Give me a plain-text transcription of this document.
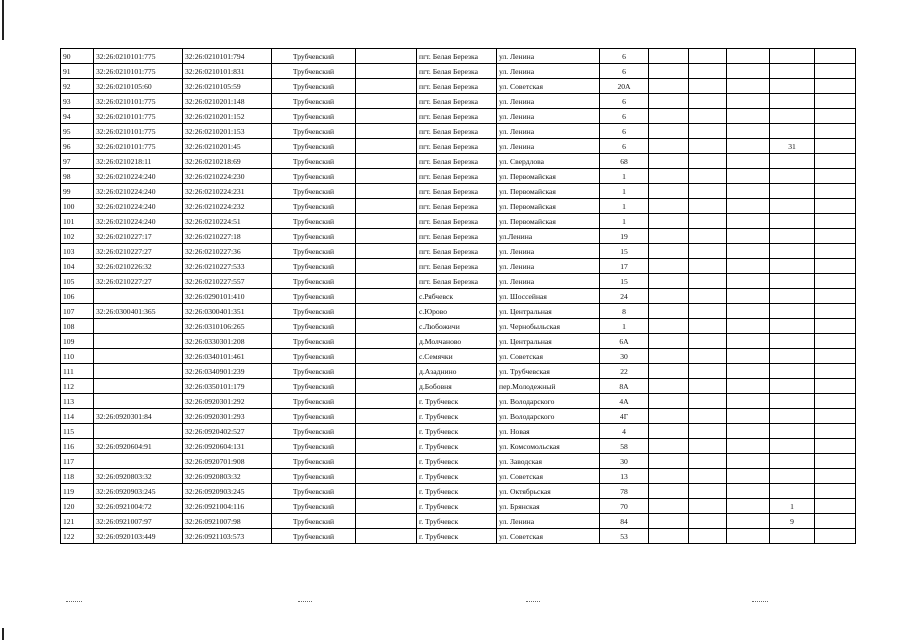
90	32:26:0210101:775	32:26:0210101:794	Трубчевский		пгт. Белая Березка	ул. Ленина	6					
91	32:26:0210101:775	32:26:0210101:831	Трубчевский		пгт. Белая Березка	ул. Ленина	6					
92	32:26:0210105:60	32:26:0210105:59	Трубчевский		пгт. Белая Березка	ул. Советская	20А					
93	32:26:0210101:775	32:26:0210201:148	Трубчевский		пгт. Белая Березка	ул. Ленина	6					
94	32:26:0210101:775	32:26:0210201:152	Трубчевский		пгт. Белая Березка	ул. Ленина	6					
95	32:26:0210101:775	32:26:0210201:153	Трубчевский		пгт. Белая Березка	ул. Ленина	6					
96	32:26:0210101:775	32:26:0210201:45	Трубчевский		пгт. Белая Березка	ул. Ленина	6				31	
97	32:26:0210218:11	32:26:0210218:69	Трубчевский		пгт. Белая Березка	ул. Свердлова	68					
98	32:26:0210224:240	32:26:0210224:230	Трубчевский		пгт. Белая Березка	ул. Первомайская	1					
99	32:26:0210224:240	32:26:0210224:231	Трубчевский		пгт. Белая Березка	ул. Первомайская	1					
100	32:26:0210224:240	32:26:0210224:232	Трубчевский		пгт. Белая Березка	ул. Первомайская	1					
101	32:26:0210224:240	32:26:0210224:51	Трубчевский		пгт. Белая Березка	ул. Первомайская	1					
102	32:26:0210227:17	32:26:0210227:18	Трубчевский		пгт. Белая Березка	ул.Ленина	19					
103	32:26:0210227:27	32:26:0210227:36	Трубчевский		пгт. Белая Березка	ул. Ленина	15					
104	32:26:0210226:32	32:26:0210227:533	Трубчевский		пгт. Белая Березка	ул. Ленина	17					
105	32:26:0210227:27	32:26:0210227:557	Трубчевский		пгт. Белая Березка	ул. Ленина	15					
106		32:26:0290101:410	Трубчевский		с.Рябчевск	ул. Шоссейная	24					
107	32:26:0300401:365	32:26:0300401:351	Трубчевский		с.Юрово	ул. Центральная	8					
108		32:26:0310106:265	Трубчевский		с.Любожичи	ул. Чернобыльская	1					
109		32:26:0330301:208	Трубчевский		д.Молчаново	ул. Центральная	6А					
110		32:26:0340101:461	Трубчевский		с.Семячки	ул. Советская	30					
111		32:26:0340901:239	Трубчевский		д.Азаднино	ул. Трубчевская	22					
112		32:26:0350101:179	Трубчевский		д.Бобовня	пер.Молодежный	8А					
113		32:26:0920301:292	Трубчевский		г. Трубчевск	ул. Володарского	4А					
114	32:26:0920301:84	32:26:0920301:293	Трубчевский		г. Трубчевск	ул. Володарского	4Г					
115		32:26:0920402:527	Трубчевский		г. Трубчевск	ул. Новая	4					
116	32:26:0920604:91	32:26:0920604:131	Трубчевский		г. Трубчевск	ул. Комсомольская	58					
117		32:26:0920701:908	Трубчевский		г. Трубчевск	ул. Заводская	30					
118	32:26:0920803:32	32:26:0920803:32	Трубчевский		г. Трубчевск	ул. Советская	13					
119	32:26:0920903:245	32:26:0920903:245	Трубчевский		г. Трубчевск	ул. Октябрьская	78					
120	32:26:0921004:72	32:26:0921004:116	Трубчевский		г. Трубчевск	ул. Брянская	70				1	
121	32:26:0921007:97	32:26:0921007:98	Трубчевский		г. Трубчевск	ул. Ленина	84				9	
122	32:26:0920103:449	32:26:0921103:573	Трубчевский		г. Трубчевск	ул. Советская	53					
